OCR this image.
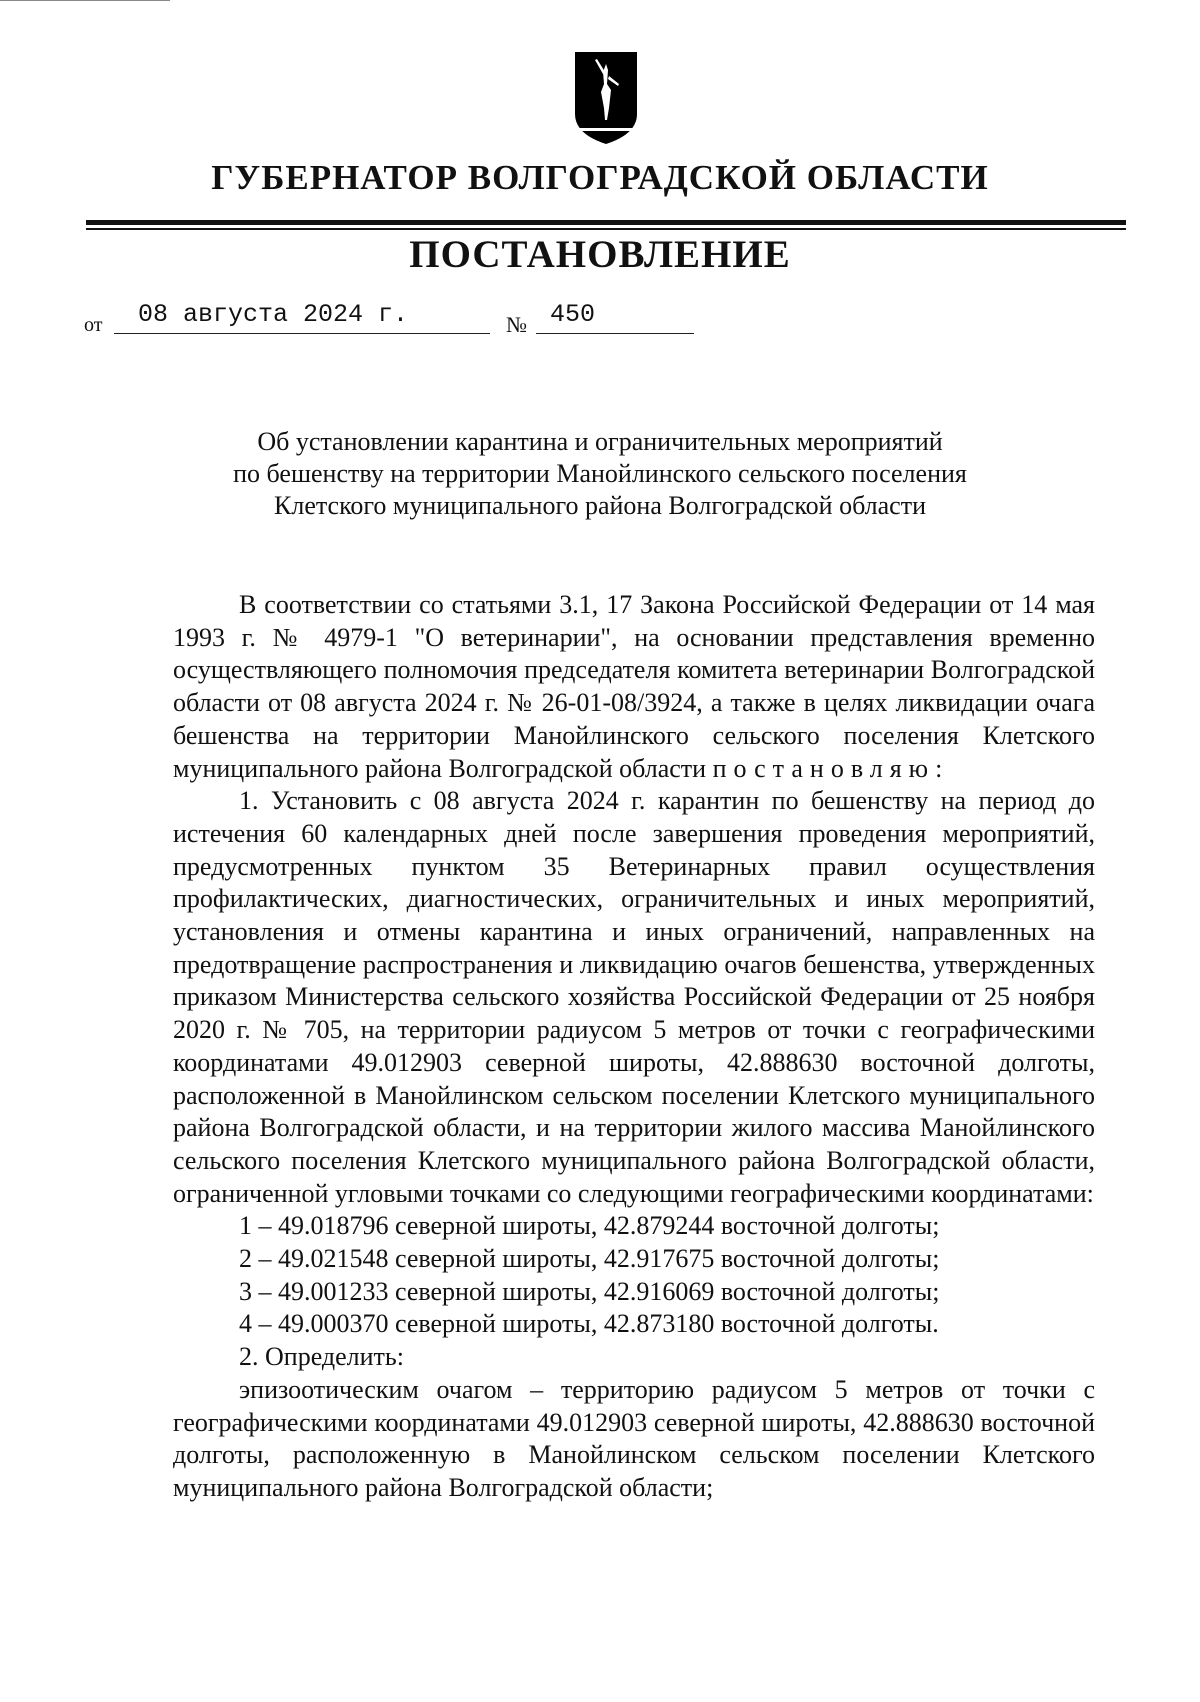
ГУБЕРНАТОР ВОЛГОГРАДСКОЙ ОБЛАСТИ
ПОСТАНОВЛЕНИЕ
от 08 августа 2024 г.	№ 450
Об установлении карантина и ограничительных мероприятий
по бешенству на территории Манойлинского сельского поселения
Клетского муниципального района Волгоградской области

В соответствии со статьями 3.1, 17 Закона Российской Федерации от 14 мая 1993 г. № 4979-1 "О ветеринарии", на основании представления временно осуществляющего полномочия председателя комитета ветеринарии Волгоградской области от 08 августа 2024 г. № 26-01-08/3924, а также в целях ликвидации очага бешенства на территории Манойлинского сельского поселения Клетского муниципального района Волгоградской области постановляю:

1. Установить с 08 августа 2024 г. карантин по бешенству на период до истечения 60 календарных дней после завершения проведения мероприятий, предусмотренных пунктом 35 Ветеринарных правил осуществления профилактических, диагностических, ограничительных и иных мероприятий, установления и отмены карантина и иных ограничений, направленных на предотвращение распространения и ликвидацию очагов бешенства, утвержденных приказом Министерства сельского хозяйства Российской Федерации от 25 ноября 2020 г. № 705, на территории радиусом 5 метров от точки с географическими координатами 49.012903 северной широты, 42.888630 восточной долготы, расположенной в Манойлинском сельском поселении Клетского муниципального района Волгоградской области, и на территории жилого массива Манойлинского сельского поселения Клетского муниципального района Волгоградской области, ограниченной угловыми точками со следующими географическими координатами:

1 – 49.018796 северной широты, 42.879244 восточной долготы;

2 – 49.021548 северной широты, 42.917675 восточной долготы;

3 – 49.001233 северной широты, 42.916069 восточной долготы;

4 – 49.000370 северной широты, 42.873180 восточной долготы.

2. Определить:

эпизоотическим очагом – территорию радиусом 5 метров от точки с географическими координатами 49.012903 северной широты, 42.888630 восточной долготы, расположенную в Манойлинском сельском поселении Клетского муниципального района Волгоградской области;
